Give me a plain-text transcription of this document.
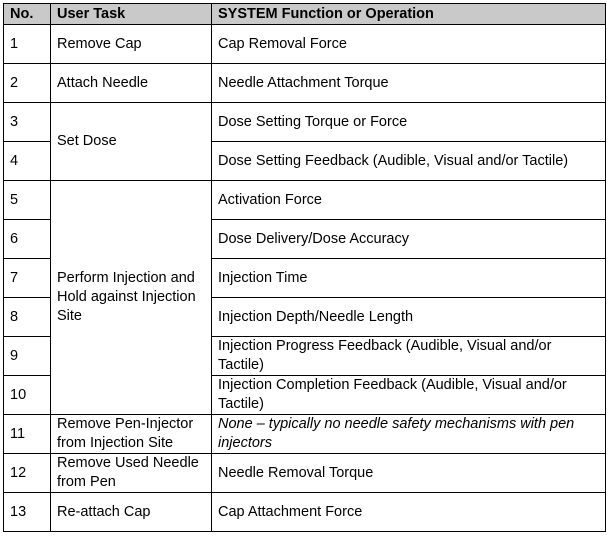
No.	User Task	SYSTEM Function or Operation
1	Remove Cap	Cap Removal Force
2	Attach Needle	Needle Attachment Torque
3	Set Dose	Dose Setting Torque or Force
4		Dose Setting Feedback (Audible, Visual and/or Tactile)
5	Perform Injection and Hold against Injection Site	Activation Force
6		Dose Delivery/Dose Accuracy
7		Injection Time
8		Injection Depth/Needle Length
9		Injection Progress Feedback (Audible, Visual and/or Tactile)
10		Injection Completion Feedback (Audible, Visual and/or Tactile)
11	Remove Pen-Injector from Injection Site	None – typically no needle safety mechanisms with pen injectors
12	Remove Used Needle from Pen	Needle Removal Torque
13	Re-attach Cap	Cap Attachment Force
